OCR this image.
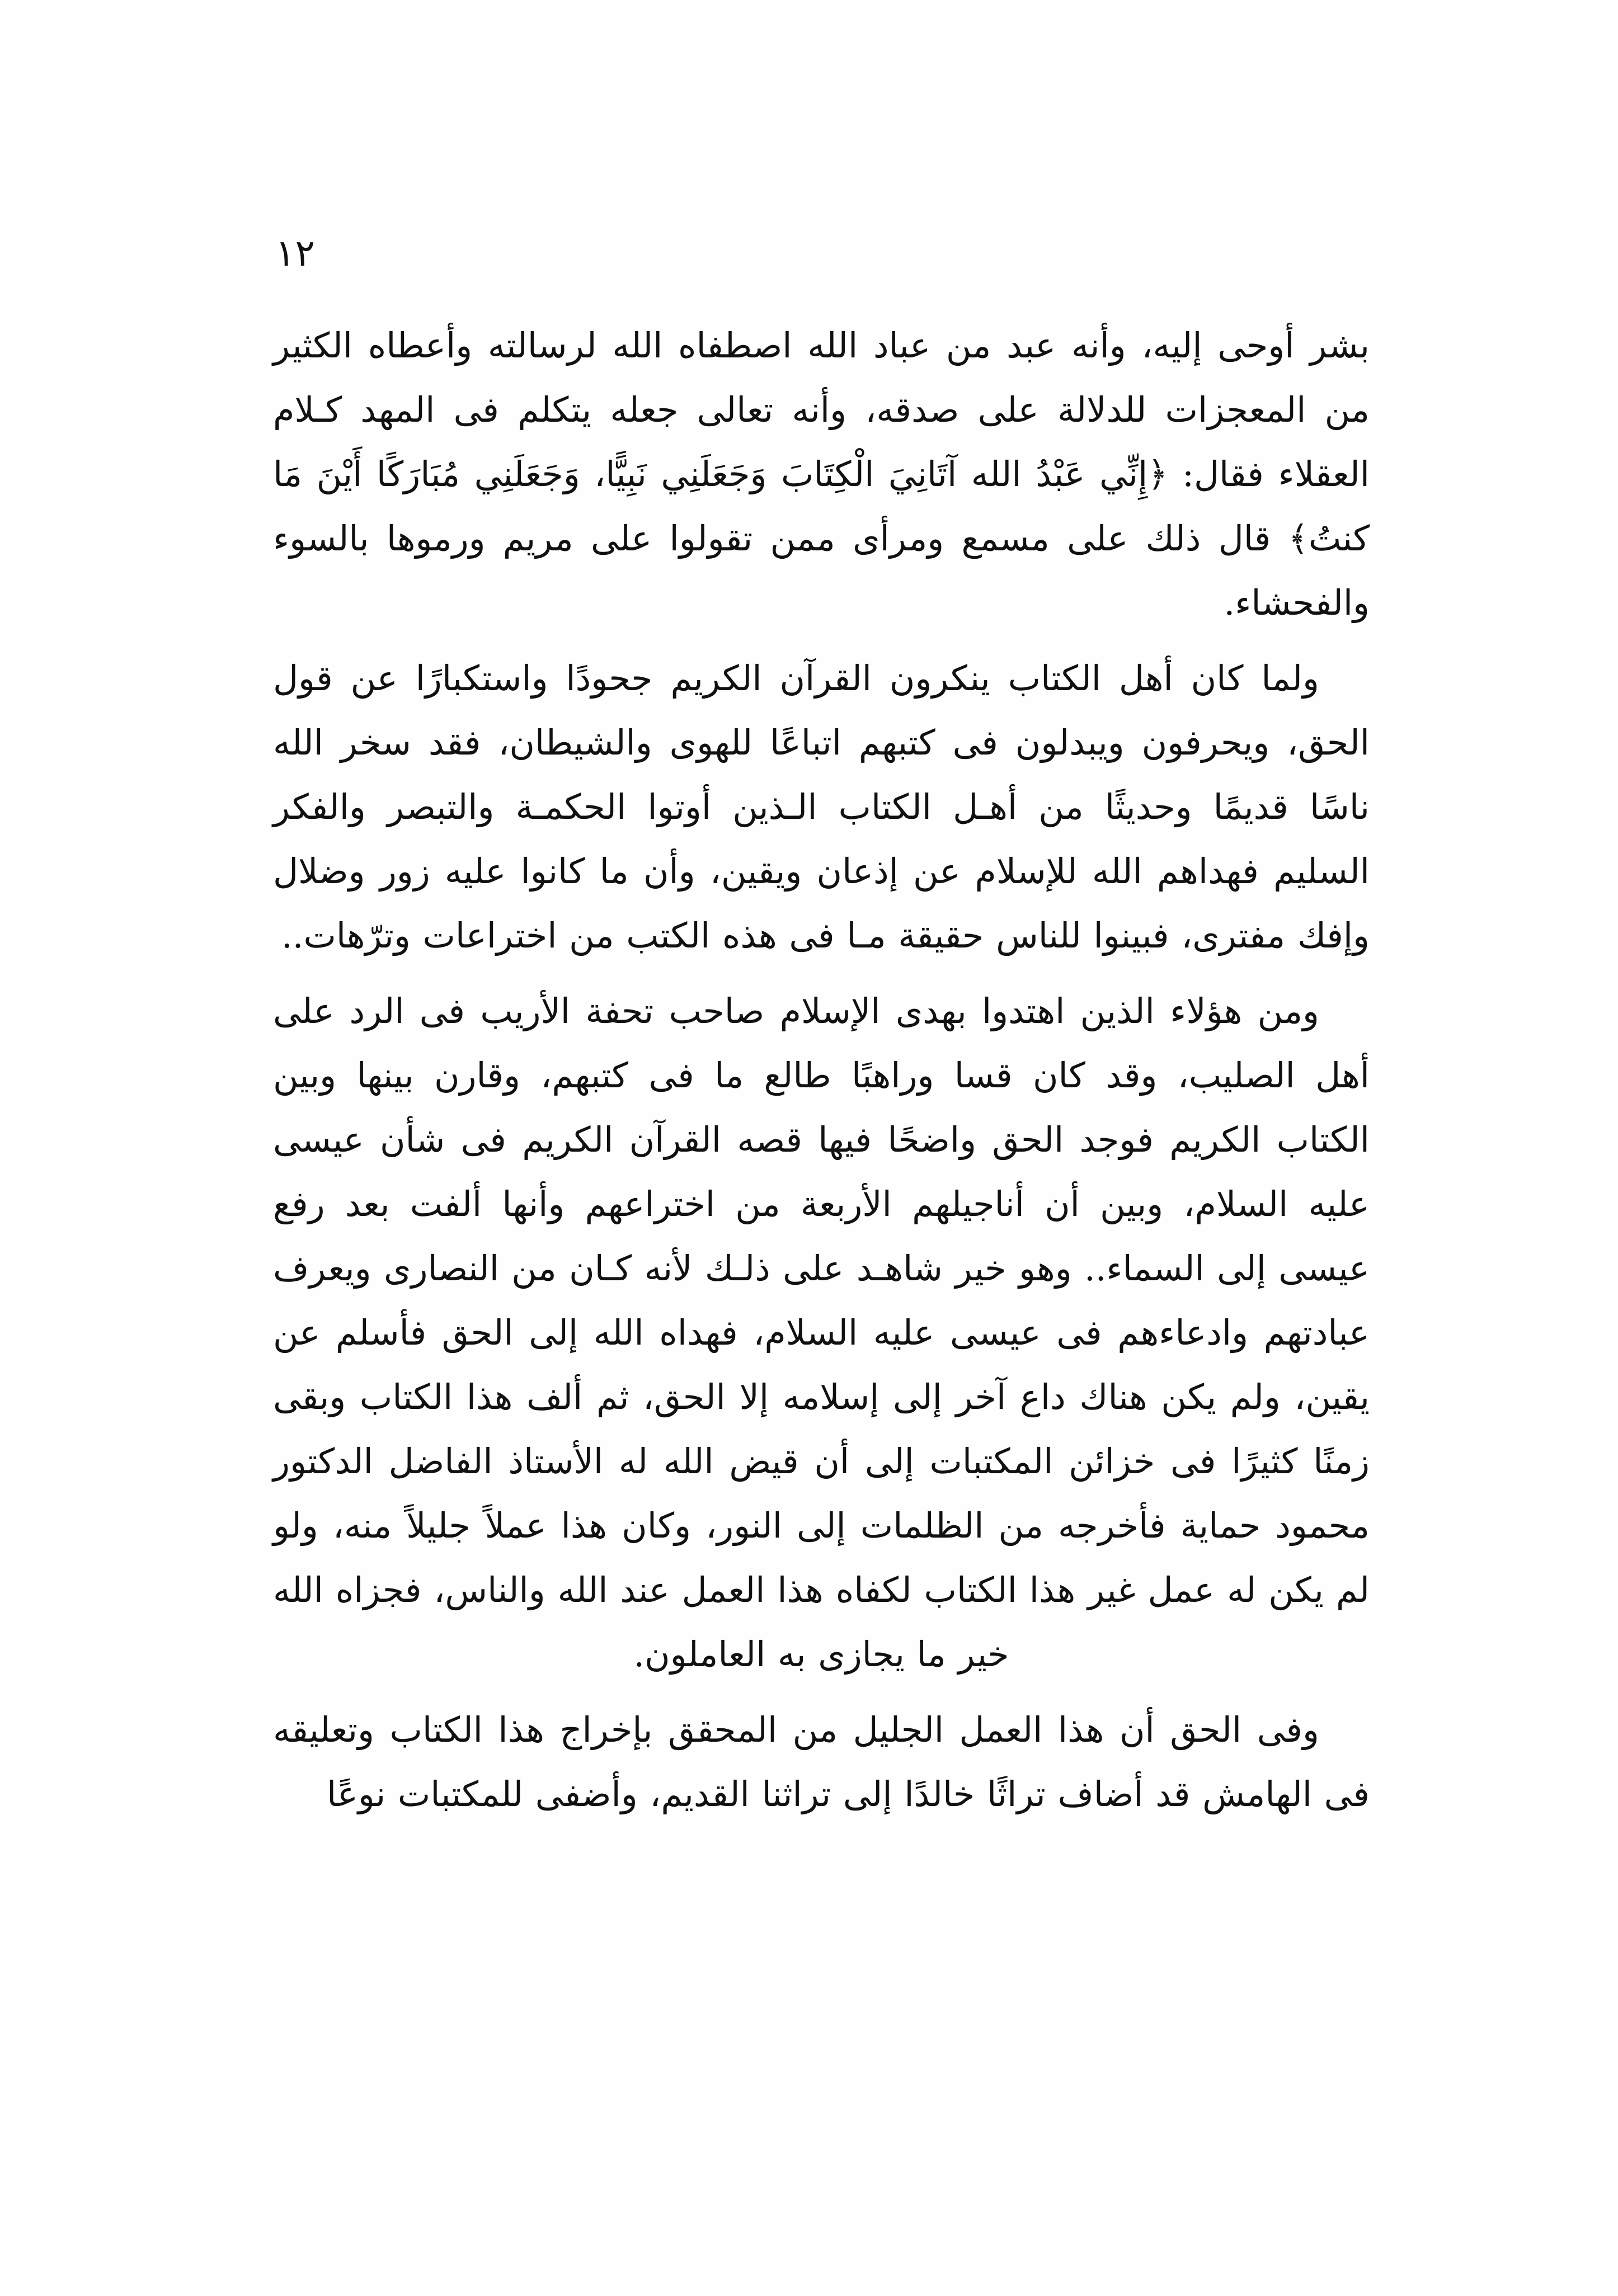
١٢

بشر أوحى إليه، وأنه عبد من عباد الله اصطفاه الله لرسالته وأعطاه الكثير من المعجزات للدلالة على صدقه، وأنه تعالى جعله يتكلم فى المهد كـلام العقلاء فقال: ﴿إِنِّي عَبْدُ الله آتَانِيَ الْكِتَابَ وَجَعَلَنِي نَبِيًّا، وَجَعَلَنِي مُبَارَكًا أَيْنَ مَا كنتُ﴾ قال ذلك على مسمع ومرأى ممن تقولوا على مريم ورموها بالسوء والفحشاء.

ولما كان أهل الكتاب ينكرون القرآن الكريم جحودًا واستكبارًا عن قول الحق، ويحرفون ويبدلون فى كتبهم اتباعًا للهوى والشيطان، فقد سخر الله ناسًا قديمًا وحديثًا من أهـل الكتاب الـذين أوتوا الحكمـة والتبصر والفكر السليم فهداهم الله للإسلام عن إذعان ويقين، وأن ما كانوا عليه زور وضلال وإفك مفترى، فبينوا للناس حقيقة مـا فى هذه الكتب من اختراعات وترّهات..

ومن هؤلاء الذين اهتدوا بهدى الإسلام صاحب تحفة الأريب فى الرد على أهل الصليب، وقد كان قسا وراهبًا طالع ما فى كتبهم، وقارن بينها وبين الكتاب الكريم فوجد الحق واضحًا فيها قصه القرآن الكريم فى شأن عيسى عليه السلام، وبين أن أناجيلهم الأربعة من اختراعهم وأنها ألفت بعد رفع عيسى إلى السماء.. وهو خير شاهـد على ذلـك لأنه كـان من النصارى ويعرف عبادتهم وادعاءهم فى عيسى عليه السلام، فهداه الله إلى الحق فأسلم عن يقين، ولم يكن هناك داع آخر إلى إسلامه إلا الحق، ثم ألف هذا الكتاب وبقى زمنًا كثيرًا فى خزائن المكتبات إلى أن قيض الله له الأستاذ الفاضل الدكتور محمود حماية فأخرجه من الظلمات إلى النور، وكان هذا عملاً جليلاً منه، ولو لم يكن له عمل غير هذا الكتاب لكفاه هذا العمل عند الله والناس، فجزاه الله خير ما يجازى به العاملون.

وفى الحق أن هذا العمل الجليل من المحقق بإخراج هذا الكتاب وتعليقه فى الهامش قد أضاف تراثًا خالدًا إلى تراثنا القديم، وأضفى للمكتبات نوعًا
